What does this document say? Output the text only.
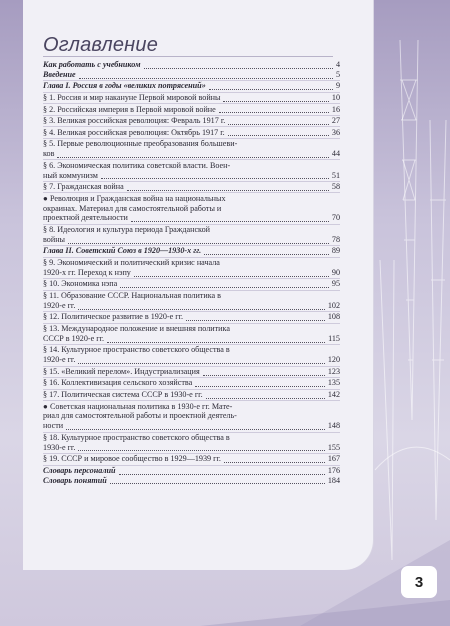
Оглавление
Как работать с учебником	4
Введение	5
Глава I. Россия в годы «великих потрясений»	9
§ 1. Россия и мир накануне Первой мировой войны	10
§ 2. Российская империя в Первой мировой войне	16
§ 3. Великая российская революция: Февраль 1917 г.	27
§ 4. Великая российская революция: Октябрь 1917 г.	36
§ 5. Первые революционные преобразования большеви-
ков	44
§ 6. Экономическая политика советской власти. Воен-
ный коммунизм	51
§ 7. Гражданская война	58
● Революция и Гражданская война на национальных
окраинах. Материал для самостоятельной работы и
проектной деятельности	70
§ 8. Идеология и культура периода Гражданской
войны	78
Глава II. Советский Союз в 1920—1930-х гг.	89
§ 9. Экономический и политический кризис начала
1920-х гг. Переход к нэпу	90
§ 10. Экономика нэпа	95
§ 11. Образование СССР. Национальная политика в
1920-е гг.	102
§ 12. Политическое развитие в 1920-е гг.	108
§ 13. Международное положение и внешняя политика
СССР в 1920-е гг.	115
§ 14. Культурное пространство советского общества в
1920-е гг.	120
§ 15. «Великий перелом». Индустриализация	123
§ 16. Коллективизация сельского хозяйства	135
§ 17. Политическая система СССР в 1930-е гг.	142
● Советская национальная политика в 1930-е гг. Мате-
риал для самостоятельной работы и проектной деятель-
ности	148
§ 18. Культурное пространство советского общества в
1930-е гг.	155
§ 19. СССР и мировое сообщество в 1929—1939 гг.	167
Словарь персоналий	176
Словарь понятий	184
3
